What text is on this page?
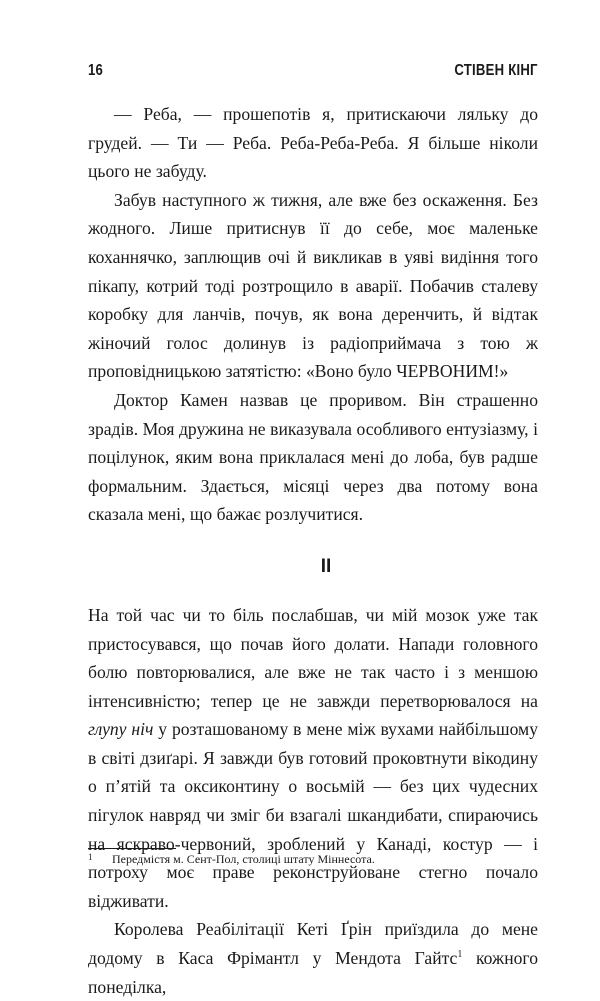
16	СТІВЕН КІНГ

— Реба, — прошепотів я, притискаючи ляльку до грудей. — Ти — Реба. Реба-Реба-Реба. Я більше ніколи цього не забуду.

Забув наступного ж тижня, але вже без оскаження. Без жодного. Лише притиснув її до себе, моє маленьке коханнячко, заплющив очі й викликав в уяві видіння того пікапу, котрий тоді розтрощило в аварії. Побачив сталеву коробку для ланчів, почув, як вона деренчить, й відтак жіночий голос долинув із радіоприймача з тою ж проповідницькою затятістю: «Воно було ЧЕРВОНИМ!»

Доктор Камен назвав це проривом. Він страшенно зрадів. Моя дружина не виказувала особливого ентузіазму, і поцілунок, яким вона приклалася мені до лоба, був радше формальним. Здається, місяці через два потому вона сказала мені, що бажає розлучитися.

II

На той час чи то біль послабшав, чи мій мозок уже так пристосувався, що почав його долати. Напади головного болю повторювалися, але вже не так часто і з меншою інтенсивністю; тепер це не завжди перетворювалося на глупу ніч у розташованому в мене між вухами найбільшому в світі дзиґарі. Я завжди був готовий проковтнути вікодину о п’ятій та оксиконтину о восьмій — без цих чудесних пігулок навряд чи зміг би взагалі шкандибати, спираючись на яскраво-червоний, зроблений у Канаді, костур — і потроху моє праве реконструйоване стегно почало відживати.

Королева Реабілітації Кеті Ґрін приїздила до мене додому в Каса Фрімантл у Мендота Гайтс$^1$ кожного понеділка,

1	Передмістя м. Сент-Пол, столиці штату Міннесота.
